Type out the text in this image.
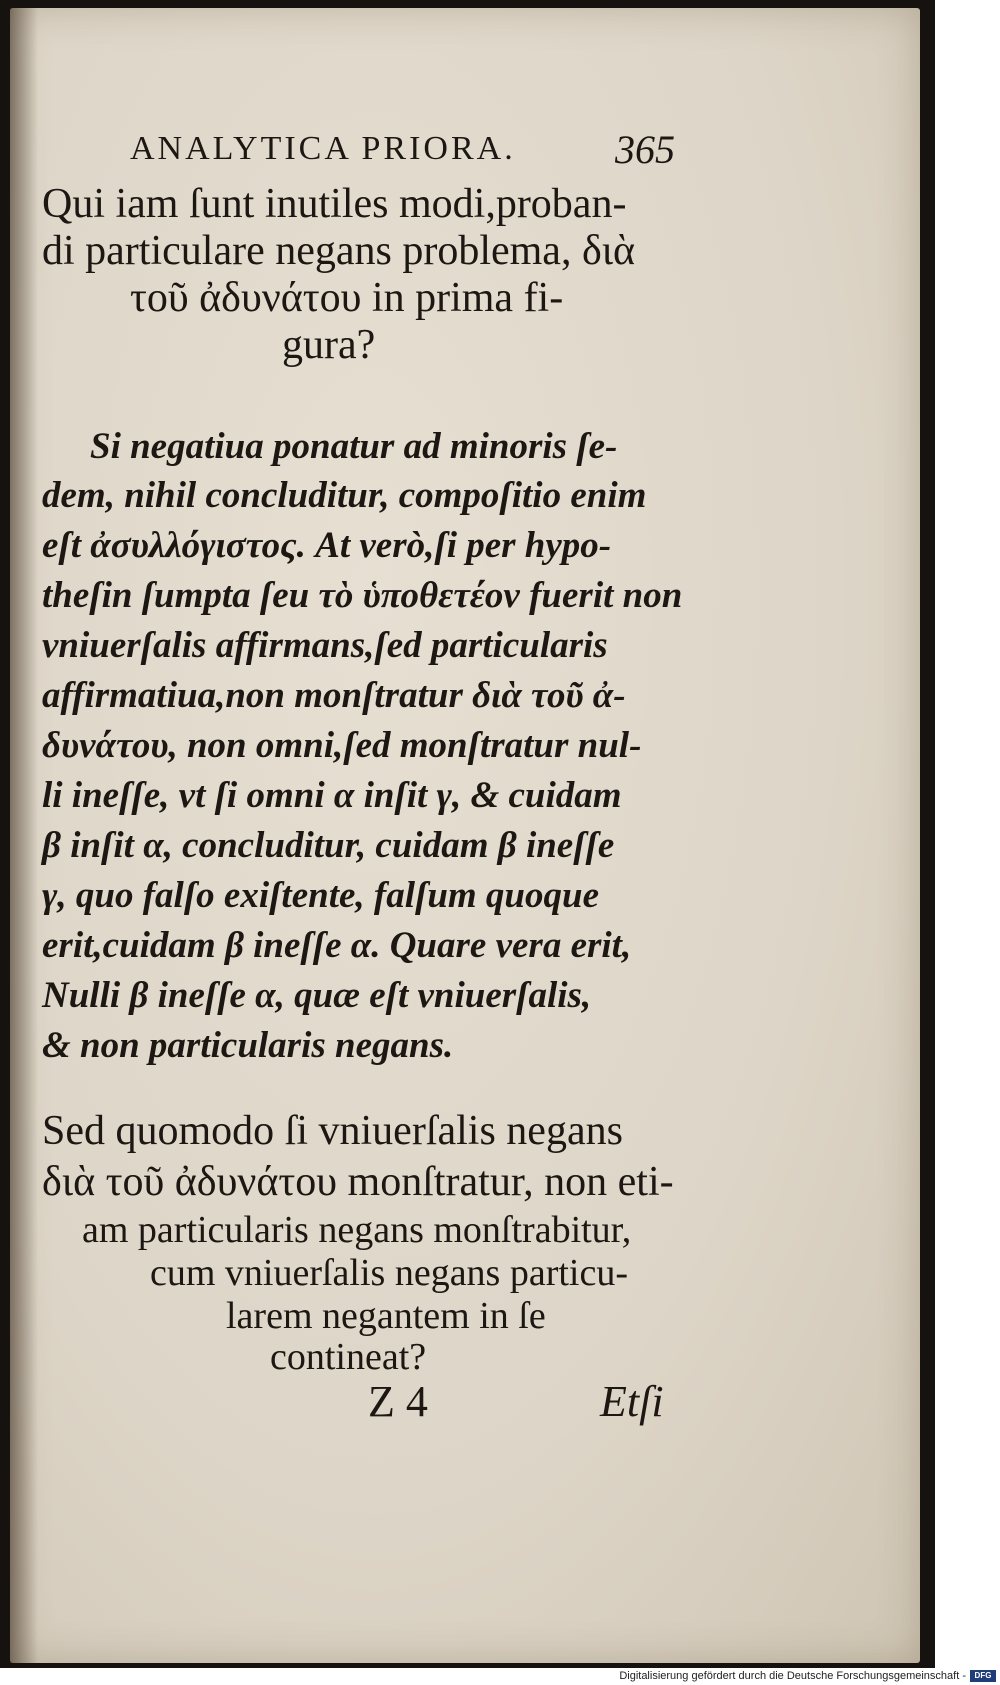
ANALYTICA PRIORA. 365
Qui iam ſunt inutiles modi,proban-
di particulare negans problema, διὰ
τοῦ ἀδυνάτου in prima fi-
gura?
Si negatiua ponatur ad minoris ſe-
dem, nihil concluditur, compoſitio enim
eſt ἀσυλλόγιστος. At verò,ſi per hypo-
theſin ſumpta ſeu τὸ ὑποθετέον fuerit non
vniuerſalis affirmans,ſed particularis
affirmatiua,non monſtratur διὰ τοῦ ἀ-
δυνάτου, non omni,ſed monſtratur nul-
li ineſſe, vt ſi omni α inſit γ, & cuidam
β inſit α, concluditur, cuidam β ineſſe
γ, quo falſo exiſtente, falſum quoque
erit,cuidam β ineſſe α. Quare vera erit,
Nulli β ineſſe α, quæ eſt vniuerſalis,
& non particularis negans.
Sed quomodo ſi vniuerſalis negans
διὰ τοῦ ἀδυνάτου monſtratur, non eti-
am particularis negans monſtrabitur,
cum vniuerſalis negans particu-
larem negantem in ſe
contineat?
Z 4	Etſi
Digitalisierung gefördert durch die Deutsche Forschungsgemeinschaft -	DFG
